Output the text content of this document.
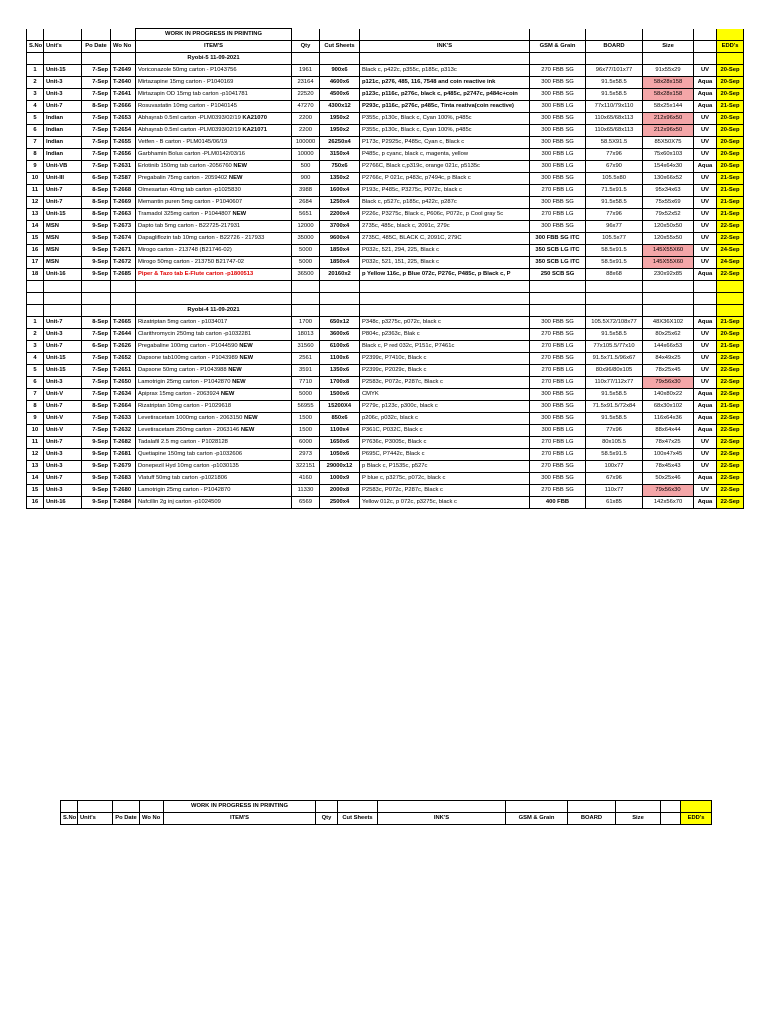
				WORK IN PROGRESS IN PRINTING								
S.No	Unit's	Po Date	Wo No	ITEM'S	Qty	Cut Sheets	INK'S	GSM & Grain	BOARD	Size		EDD's
				Ryobi-5 11-09-2021								
1	Unit-15	7-Sep	T-2649	Voriconazole 50mg carton - P1043756	1961	900x6	Black c, p422c, p355c, p185c, p313c	270 FBB SG	96x77/101x77	91x55x29	UV	20-Sep
2	Unit-3	7-Sep	T-2640	Mirtazapine 15mg carton - P1040169	23164	4600x6	p121c, p276, 485, 116, 7548 and coin reactive ink	300 FBB SG	91.5x58.5	58x28x158	Aqua	20-Sep
3	Unit-3	7-Sep	T-2641	Mirtazapin OD 15mg tab carton -p1041781	22520	4500x6	p123c, p116c, p276c, black c, p485c, p2747c, p484c+coin	300 FBB SG	91.5x58.5	58x28x158	Aqua	20-Sep
4	Unit-7	8-Sep	T-2666	Rosuvastatin 10mg carton - P1040145	47270	4300x12	P293c, p116c, p276c, p485c, Tinta reativa(coin reactive)	300 FBB LG	77x110/79x110	58x25x144	Aqua	21-Sep
5	Indian	7-Sep	T-2653	Abhayrab 0.5ml carton -PLM0393/02/19 KA21070	2200	1950x2	P355c, p130c, Black c, Cyan 100%, p485c	300 FBB SG	110x65/68x113	212x96x50	UV	20-Sep
6	Indian	7-Sep	T-2654	Abhayrab 0.5ml carton -PLM0393/02/19 KA21071	2200	1950x2	P355c, p130c, Black c, Cyan 100%, p485c	300 FBB SG	110x65/68x113	212x96x50	UV	20-Sep
7	Indian	7-Sep	T-2655	Vetfen - B carton - PLM0145/06/19	100000	26250x4	P173c, P2925c, P485c, Cyan c, Black c	300 FBB SG	58.5X91.5	85X50X75	UV	20-Sep
8	Indian	7-Sep	T-2656	Garbhamin Bolus carton -PLM0142/03/16	10000	3150x4	P485c, p cyanc, black c, magenta, yellow	300 FBB LG	77x96	75x60x103	UV	20-Sep
9	Unit-VB	7-Sep	T-2631	Erlotinib 150mg tab carton -2056760 NEW	500	750x6	P2766C, Black c,p319c, orange 021c, p5135c	300 FBB LG	67x90	154x64x30	Aqua	20-Sep
10	Unit-III	6-Sep	T-2587	Pregabalin 75mg carton - 2059402 NEW	900	1350x2	P2766c, P 021c, p483c, p7494c, p Black c	300 FBB SG	105.5x80	130x66x52	UV	21-Sep
11	Unit-7	8-Sep	T-2668	Olmesartan 40mg tab carton -p1025830	3988	1600x4	P193c, P485c, P3275c, P072c, black c	270 FBB LG	71.5x91.5	95x34x63	UV	21-Sep
12	Unit-7	8-Sep	T-2669	Memantin puren 5mg carton - P1040607	2684	1250x4	Black c, p527c, p185c, p422c, p287c	300 FBB SG	91.5x58.5	75x55x69	UV	21-Sep
13	Unit-15	8-Sep	T-2663	Tramadol 325mg carton - P1044807 NEW	5651	2200x4	P226c, P3275c, Black c, P606c, P072c, p Cool gray 5c	270 FBB LG	77x96	79x52x52	UV	21-Sep
14	MSN	9-Sep	T-2673	Dapto tab 5mg carton - B22725-217931	12000	3700x4	2735c, 485c, black c, 2091c, 279c	300 FBB SG	96x77	120x50x50	UV	22-Sep
15	MSN	9-Sep	T-2674	Dapagliflozin tab 10mg carton - B22726 - 217933	35000	9600x4	2735C, 485C, BLACK C, 2091C, 279C	300 FBB SG ITC	105.5x77	120x55x50	UV	22-Sep
16	MSN	9-Sep	T-2671	Mirogo carton - 213748 (B21746-02)	5000	1850x4	P032c, 521, 294, 225, Black c	350 SCB LG ITC	58.5x91.5	145X55X60	UV	24-Sep
17	MSN	9-Sep	T-2672	Mirogo 50mg carton - 213750 B21747-02	5000	1850x4	P032c, 521, 151, 225, Black c	350 SCB LG ITC	58.5x91.5	145X55X60	UV	24-Sep
18	Unit-16	9-Sep	T-2685	Piper & Tazo tab E-Flute carton -p1800513	36500	20160x2	p Yellow 116c, p Blue 072c, P276c, P485c, p Black c, P	250 SCB SG	88x68	230x92x85	Aqua	22-Sep

				Ryobi-4 11-09-2021								
1	Unit-7	8-Sep	T-2665	Rizatriptan 5mg carton - p1034017	1700	650x12	P348c, p3275c, p072c, black c	300 FBB SG	105.5X72/108x77	48X36X102	Aqua	21-Sep
2	Unit-3	7-Sep	T-2644	Clarithromycin 250mg tab carton -p1032281	18013	3600x6	P804c, p2363c, Blak c	270 FBB SG	91.5x58.5	80x25x62	UV	20-Sep
3	Unit-7	6-Sep	T-2626	Pregabaline 100mg carton - P1044590 NEW	31560	6100x6	Black c, P red 032c, P151c, P7461c	270 FBB LG	77x105.5/77x10	144x66x53	UV	21-Sep
4	Unit-15	7-Sep	T-2652	Dapsone tab100mg carton - P1043989 NEW	2561	1100x6	P2399c, P7410c, Black c	270 FBB SG	91.5x71.5/96x67	84x49x25	UV	22-Sep
5	Unit-15	7-Sep	T-2651	Dapsone 50mg carton - P1043988 NEW	3591	1350x6	P2399c, P2029c, Black c	270 FBB LG	80x96/80x105	78x25x45	UV	22-Sep
6	Unit-3	7-Sep	T-2650	Lamotrigin 25mg carton - P1042870 NEW	7710	1700x8	P2583c, P072c, P287c, Black c	270 FBB LG	110x77/112x77	79x56x30	UV	22-Sep
7	Unit-V	7-Sep	T-2634	Apiprax 15mg carton - 2063924 NEW	5000	1500x6	CMYK	300 FBB SG	91.5x58.5	140x80x22	Aqua	22-Sep
8	Unit-7	8-Sep	T-2664	Rizatriptan 10mg carton - P1029618	56955	15200X4	P279c, p123c, p300c, black c	300 FBB SG	71.5x91.5/72x84	68x30x102	Aqua	21-Sep
9	Unit-V	7-Sep	T-2633	Levetiracetam 1000mg carton - 2063150 NEW	1500	850x6	p206c, p032c, black c	300 FBB SG	91.5x58.5	116x64x36	Aqua	22-Sep
10	Unit-V	7-Sep	T-2632	Levetiracetam 250mg carton - 2063146 NEW	1500	1100x4	P361C, P032C, Black c	300 FBB LG	77x96	88x64x44	Aqua	22-Sep
11	Unit-7	9-Sep	T-2682	Tadalafil 2.5 mg carton - P1028128	6000	1650x6	P7636c, P3005c, Black c	270 FBB LG	80x105.5	78x47x25	UV	22-Sep
12	Unit-3	9-Sep	T-2681	Quetiapine 150mg tab carton -p1032606	2973	1050x6	P695C, P7442c, Black c	270 FBB LG	58.5x91.5	100x47x45	UV	22-Sep
13	Unit-3	9-Sep	T-2679	Donepezil Hyd 10mg carton -p1030135	322151	29000x12	p Black c, P1535c, p527c	270 FBB SG	100x77	78x45x43	UV	22-Sep
14	Unit-7	9-Sep	T-2683	Vlatuff 50mg tab carton -p1021806	4160	1000x9	P blue c, p3275c, p072c, black c	300 FBB SG	67x96	50x25x46	Aqua	22-Sep
15	Unit-3	9-Sep	T-2680	Lamotrigin 25mg carton - P1042870	11330	2000x8	P2583c, P072c, P287c, Black c	270 FBB SG	110x77	79x56x30	UV	22-Sep
16	Unit-16	9-Sep	T-2684	Nafcillin 2g inj carton -p1024509	6569	2500x4	Yellow 012c, p 072c, p3275c, black c	400 FBB	61x85	142x56x70	Aqua	22-Sep
				WORK IN PROGRESS IN PRINTING								
S.No	Unit's	Po Date	Wo No	ITEM'S	Qty	Cut Sheets	INK'S	GSM & Grain	BOARD	Size		EDD's
